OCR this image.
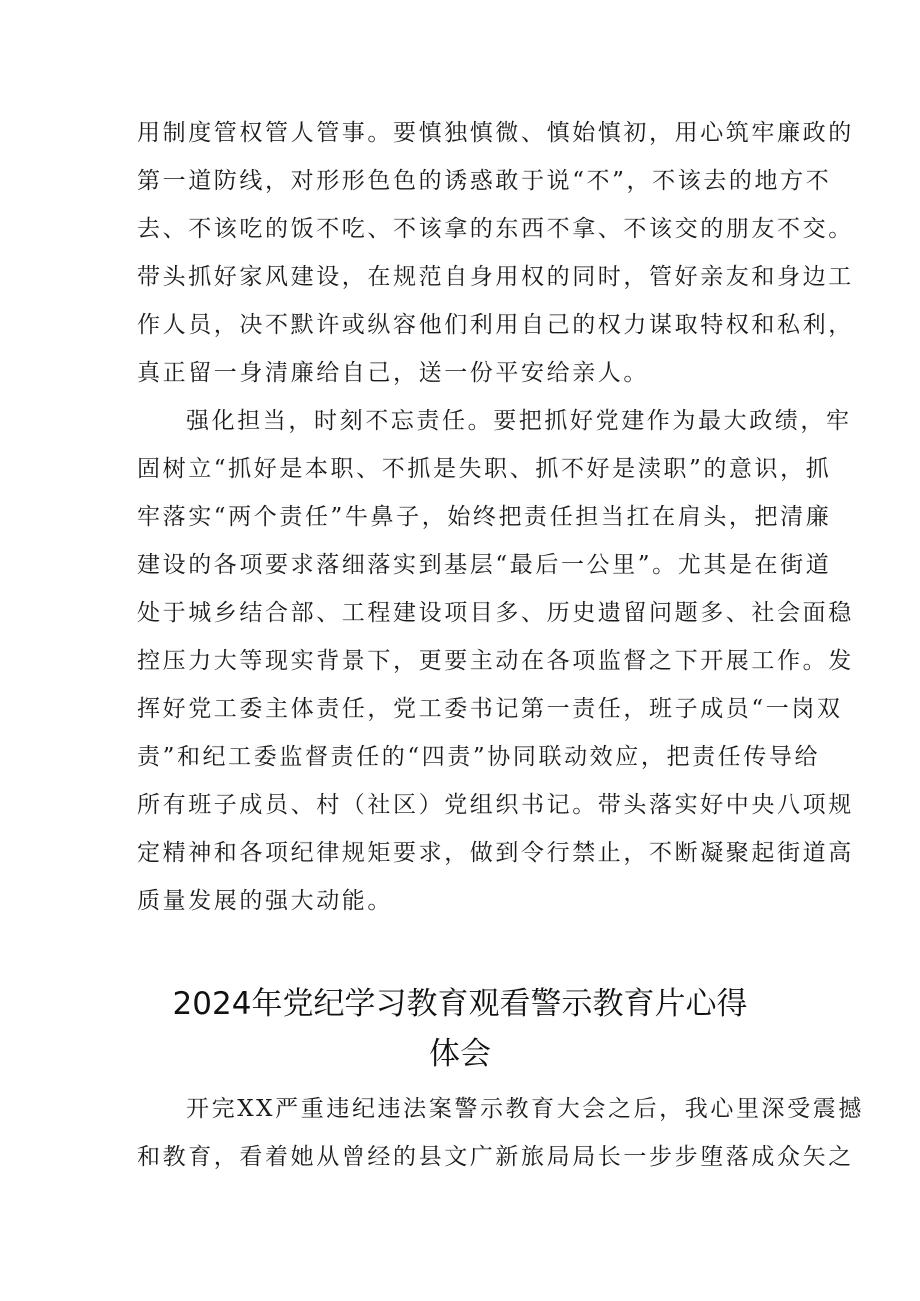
用制度管权管人管事。要慎独慎微、慎始慎初，用心筑牢廉政的
第一道防线，对形形色色的诱惑敢于说“不”，不该去的地方不
去、不该吃的饭不吃、不该拿的东西不拿、不该交的朋友不交。
带头抓好家风建设，在规范自身用权的同时，管好亲友和身边工
作人员，决不默许或纵容他们利用自己的权力谋取特权和私利，
真正留一身清廉给自己，送一份平安给亲人。
强化担当，时刻不忘责任。要把抓好党建作为最大政绩，牢
固树立“抓好是本职、不抓是失职、抓不好是渎职”的意识，抓
牢落实“两个责任”牛鼻子，始终把责任担当扛在肩头，把清廉
建设的各项要求落细落实到基层“最后一公里”。尤其是在街道
处于城乡结合部、工程建设项目多、历史遗留问题多、社会面稳
控压力大等现实背景下，更要主动在各项监督之下开展工作。发
挥好党工委主体责任，党工委书记第一责任，班子成员“一岗双
责”和纪工委监督责任的“四责”协同联动效应，把责任传导给
所有班子成员、村（社区）党组织书记。带头落实好中央八项规
定精神和各项纪律规矩要求，做到令行禁止，不断凝聚起街道高
质量发展的强大动能。
2024年党纪学习教育观看警示教育片心得
体会
开完XX严重违纪违法案警示教育大会之后，我心里深受震撼
和教育，看着她从曾经的县文广新旅局局长一步步堕落成众矢之
